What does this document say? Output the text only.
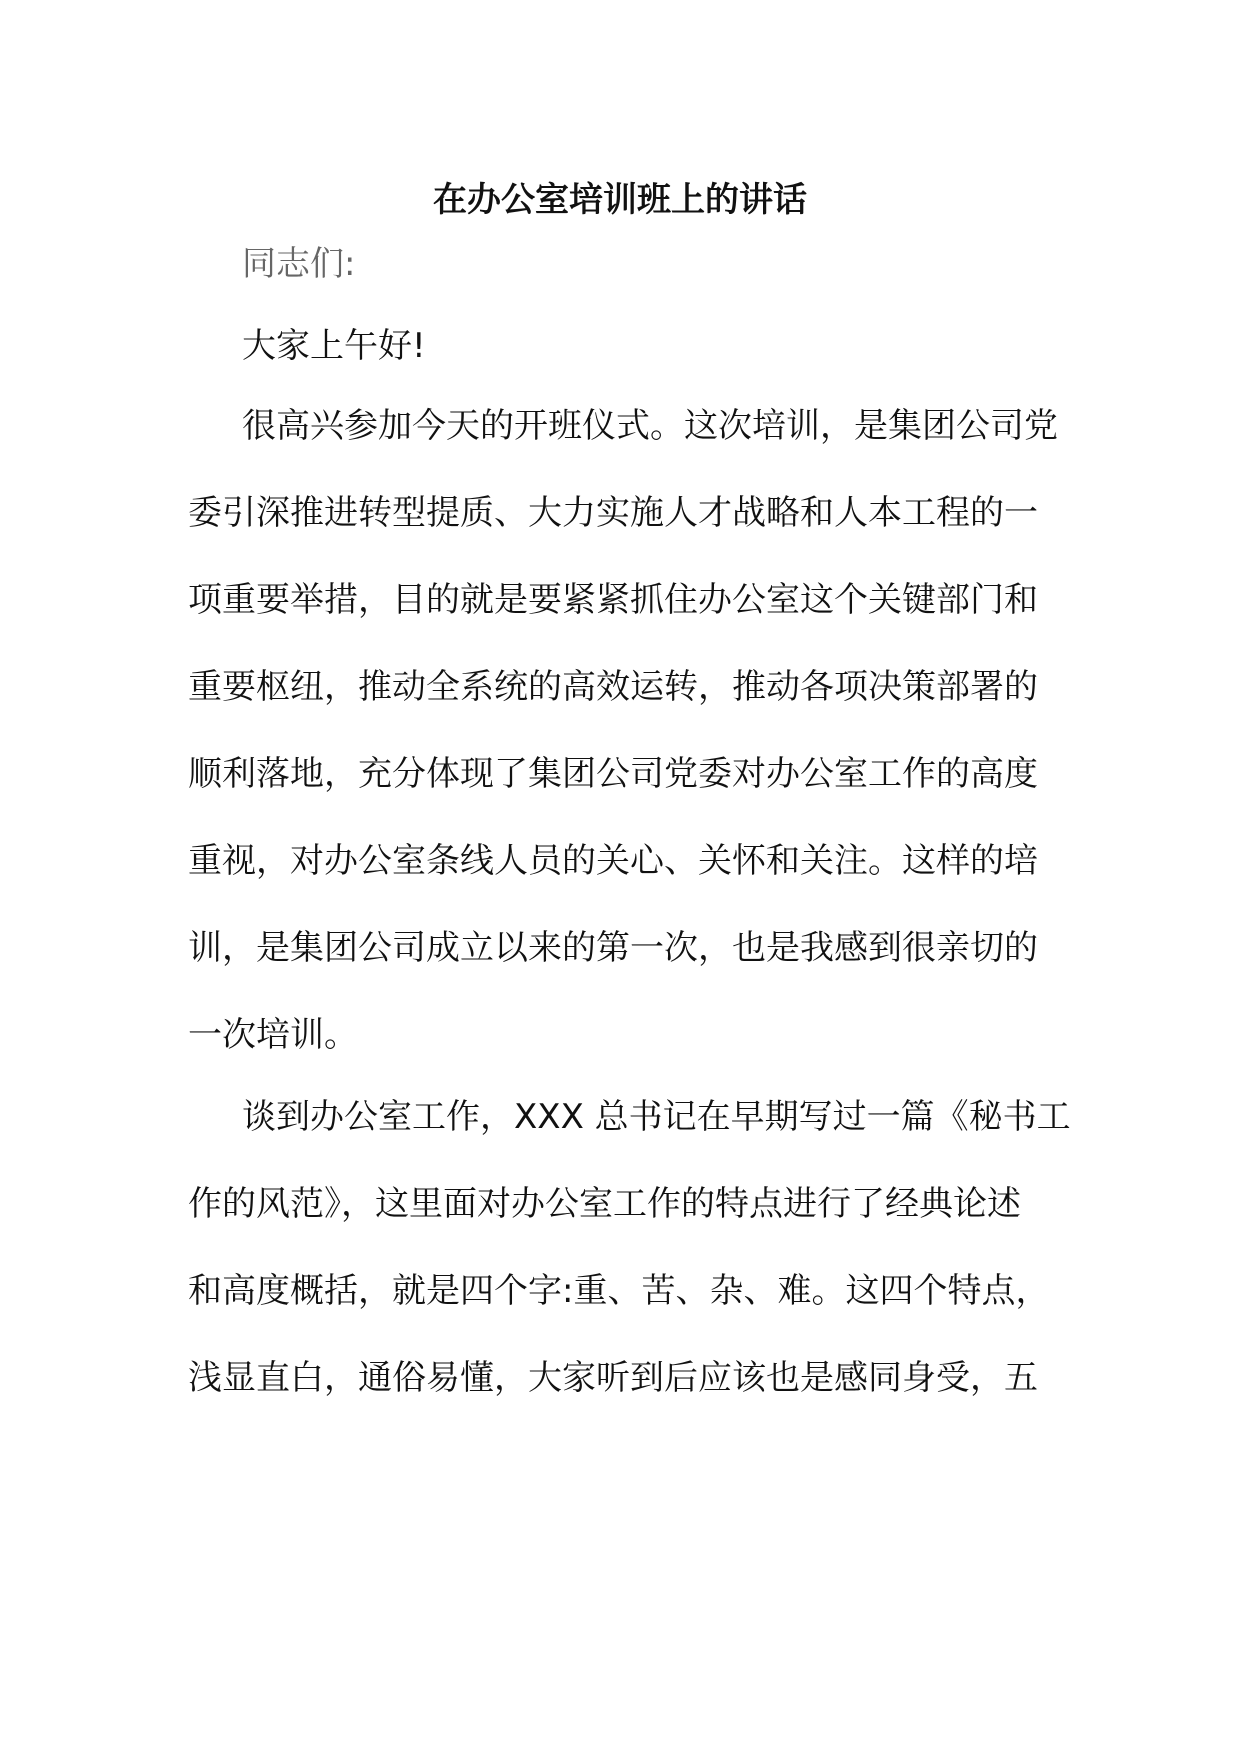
在办公室培训班上的讲话
同志们:
大家上午好!
很高兴参加今天的开班仪式。这次培训，是集团公司党
委引深推进转型提质、大力实施人才战略和人本工程的一
项重要举措，目的就是要紧紧抓住办公室这个关键部门和
重要枢纽，推动全系统的高效运转，推动各项决策部署的
顺利落地，充分体现了集团公司党委对办公室工作的高度
重视，对办公室条线人员的关心、关怀和关注。这样的培
训，是集团公司成立以来的第一次，也是我感到很亲切的
一次培训。
谈到办公室工作，XXX 总书记在早期写过一篇《秘书工
作的风范》，这里面对办公室工作的特点进行了经典论述
和高度概括，就是四个字:重、苦、杂、难。这四个特点，
浅显直白，通俗易懂，大家听到后应该也是感同身受，五
